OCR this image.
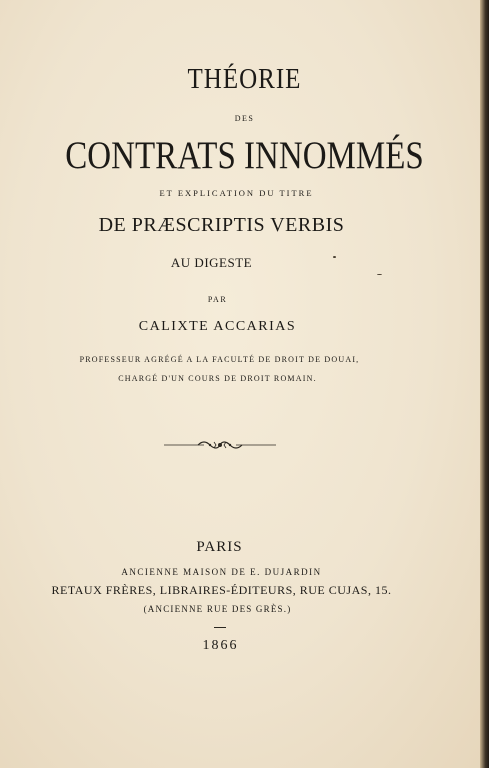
THÉORIE
DES
CONTRATS INNOMMÉS
ET EXPLICATION DU TITRE
DE PRÆSCRIPTIS VERBIS
AU DIGESTE
PAR
CALIXTE ACCARIAS
PROFESSEUR AGRÉGÉ A LA FACULTÉ DE DROIT DE DOUAI,
CHARGÉ D'UN COURS DE DROIT ROMAIN.
PARIS
ANCIENNE MAISON DE E. DUJARDIN
RETAUX FRÈRES, LIBRAIRES-ÉDITEURS, RUE CUJAS, 15.
(ANCIENNE RUE DES GRÈS.)
1866
